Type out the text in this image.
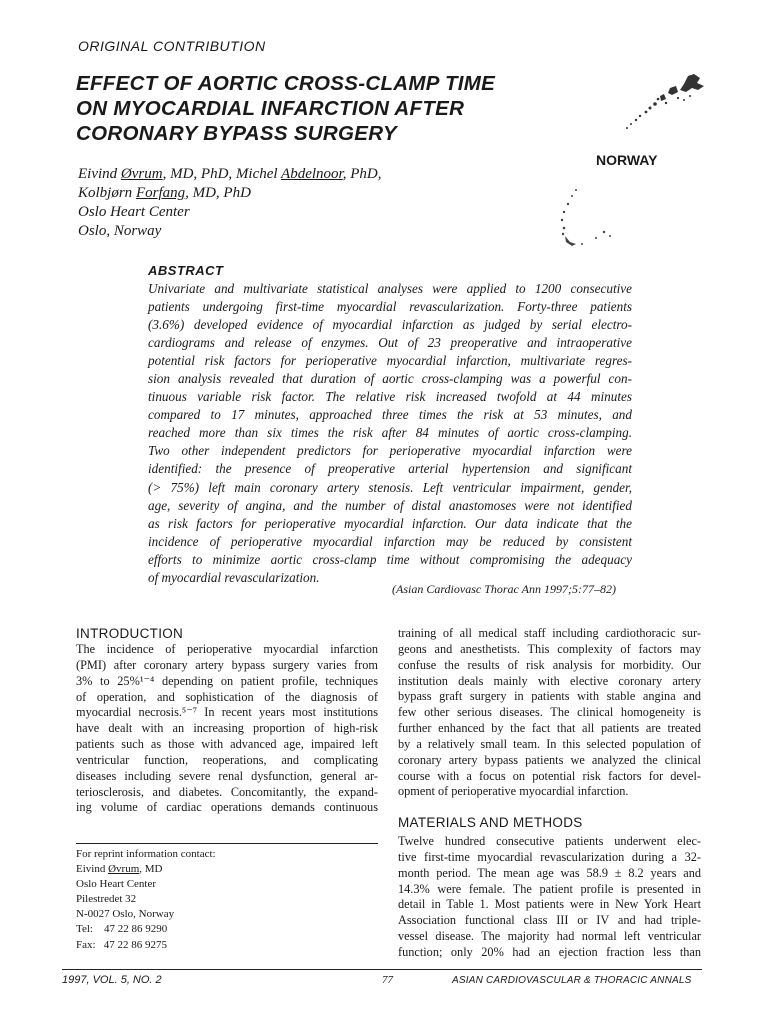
ORIGINAL CONTRIBUTION
EFFECT OF AORTIC CROSS-CLAMP TIME
ON MYOCARDIAL INFARCTION AFTER
CORONARY BYPASS SURGERY
NORWAY
Eivind Øvrum, MD, PhD, Michel Abdelnoor, PhD,
Kolbjørn Forfang, MD, PhD
Oslo Heart Center
Oslo, Norway
ABSTRACT
Univariate and multivariate statistical analyses were applied to 1200 consecutive
patients undergoing first-time myocardial revascularization. Forty-three patients
(3.6%) developed evidence of myocardial infarction as judged by serial electro-
cardiograms and release of enzymes. Out of 23 preoperative and intraoperative
potential risk factors for perioperative myocardial infarction, multivariate regres-
sion analysis revealed that duration of aortic cross-clamping was a powerful con-
tinuous variable risk factor. The relative risk increased twofold at 44 minutes
compared to 17 minutes, approached three times the risk at 53 minutes, and
reached more than six times the risk after 84 minutes of aortic cross-clamping.
Two other independent predictors for perioperative myocardial infarction were
identified: the presence of preoperative arterial hypertension and significant
(> 75%) left main coronary artery stenosis. Left ventricular impairment, gender,
age, severity of angina, and the number of distal anastomoses were not identified
as risk factors for perioperative myocardial infarction. Our data indicate that the
incidence of perioperative myocardial infarction may be reduced by consistent
efforts to minimize aortic cross-clamp time without compromising the adequacy
of myocardial revascularization.
(Asian Cardiovasc Thorac Ann 1997;5:77–82)
INTRODUCTION
The incidence of perioperative myocardial infarction
(PMI) after coronary artery bypass surgery varies from
3% to 25%¹⁻⁴ depending on patient profile, techniques
of operation, and sophistication of the diagnosis of
myocardial necrosis.⁵⁻⁷ In recent years most institutions
have dealt with an increasing proportion of high-risk
patients such as those with advanced age, impaired left
ventricular function, reoperations, and complicating
diseases including severe renal dysfunction, general ar-
teriosclerosis, and diabetes. Concomitantly, the expand-
ing volume of cardiac operations demands continuous
training of all medical staff including cardiothoracic sur-
geons and anesthetists. This complexity of factors may
confuse the results of risk analysis for morbidity. Our
institution deals mainly with elective coronary artery
bypass graft surgery in patients with stable angina and
few other serious diseases. The clinical homogeneity is
further enhanced by the fact that all patients are treated
by a relatively small team. In this selected population of
coronary artery bypass patients we analyzed the clinical
course with a focus on potential risk factors for devel-
opment of perioperative myocardial infarction.
MATERIALS AND METHODS
Twelve hundred consecutive patients underwent elec-
tive first-time myocardial revascularization during a 32-
month period. The mean age was 58.9 ± 8.2 years and
14.3% were female. The patient profile is presented in
detail in Table 1. Most patients were in New York Heart
Association functional class III or IV and had triple-
vessel disease. The majority had normal left ventricular
function; only 20% had an ejection fraction less than
For reprint information contact:
Eivind Øvrum, MD
Oslo Heart Center
Pilestredet 32
N-0027 Oslo, Norway
Tel:    47 22 86 9290
Fax:   47 22 86 9275
1997, VOL. 5, NO. 2	77	ASIAN CARDIOVASCULAR & THORACIC ANNALS
